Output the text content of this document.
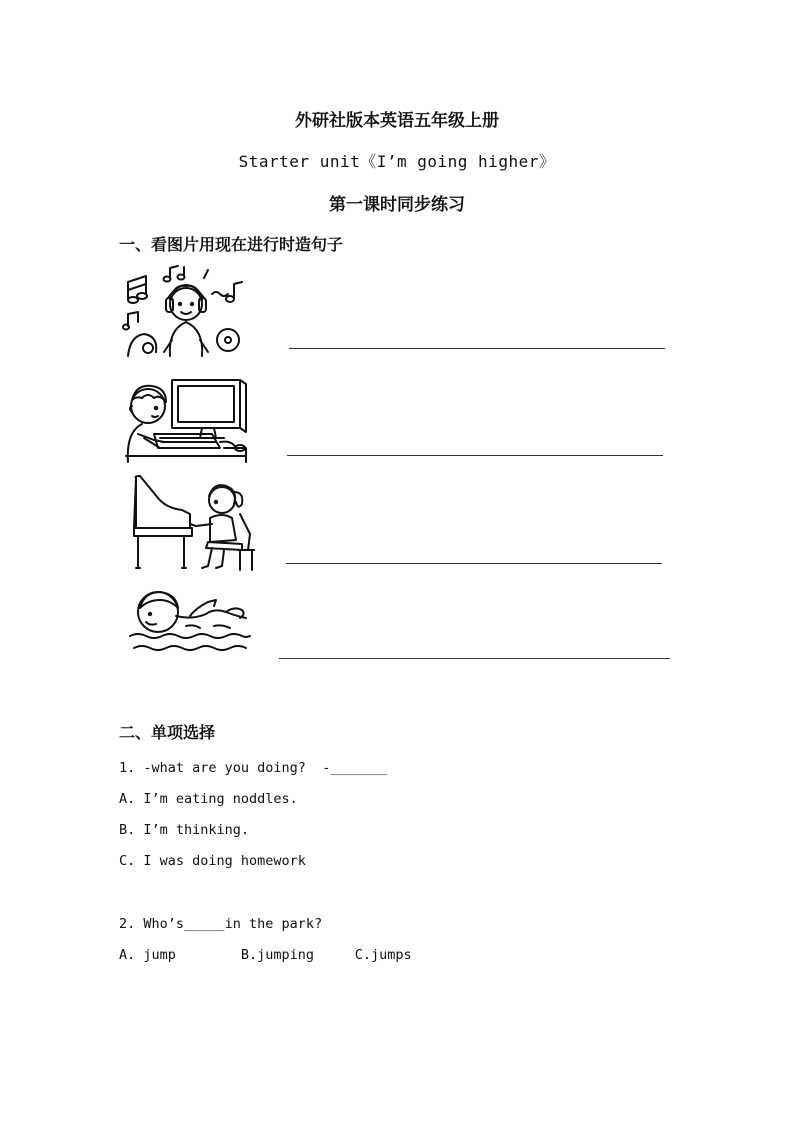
外研社版本英语五年级上册
Starter unit《I’m going higher》
第一课时同步练习
一、看图片用现在进行时造句子
二、单项选择
1. -what are you doing?  -_______
A. I’m eating noddles.
B. I’m thinking.
C. I was doing homework
2. Who’s_____in the park?
A. jump        B.jumping     C.jumps
